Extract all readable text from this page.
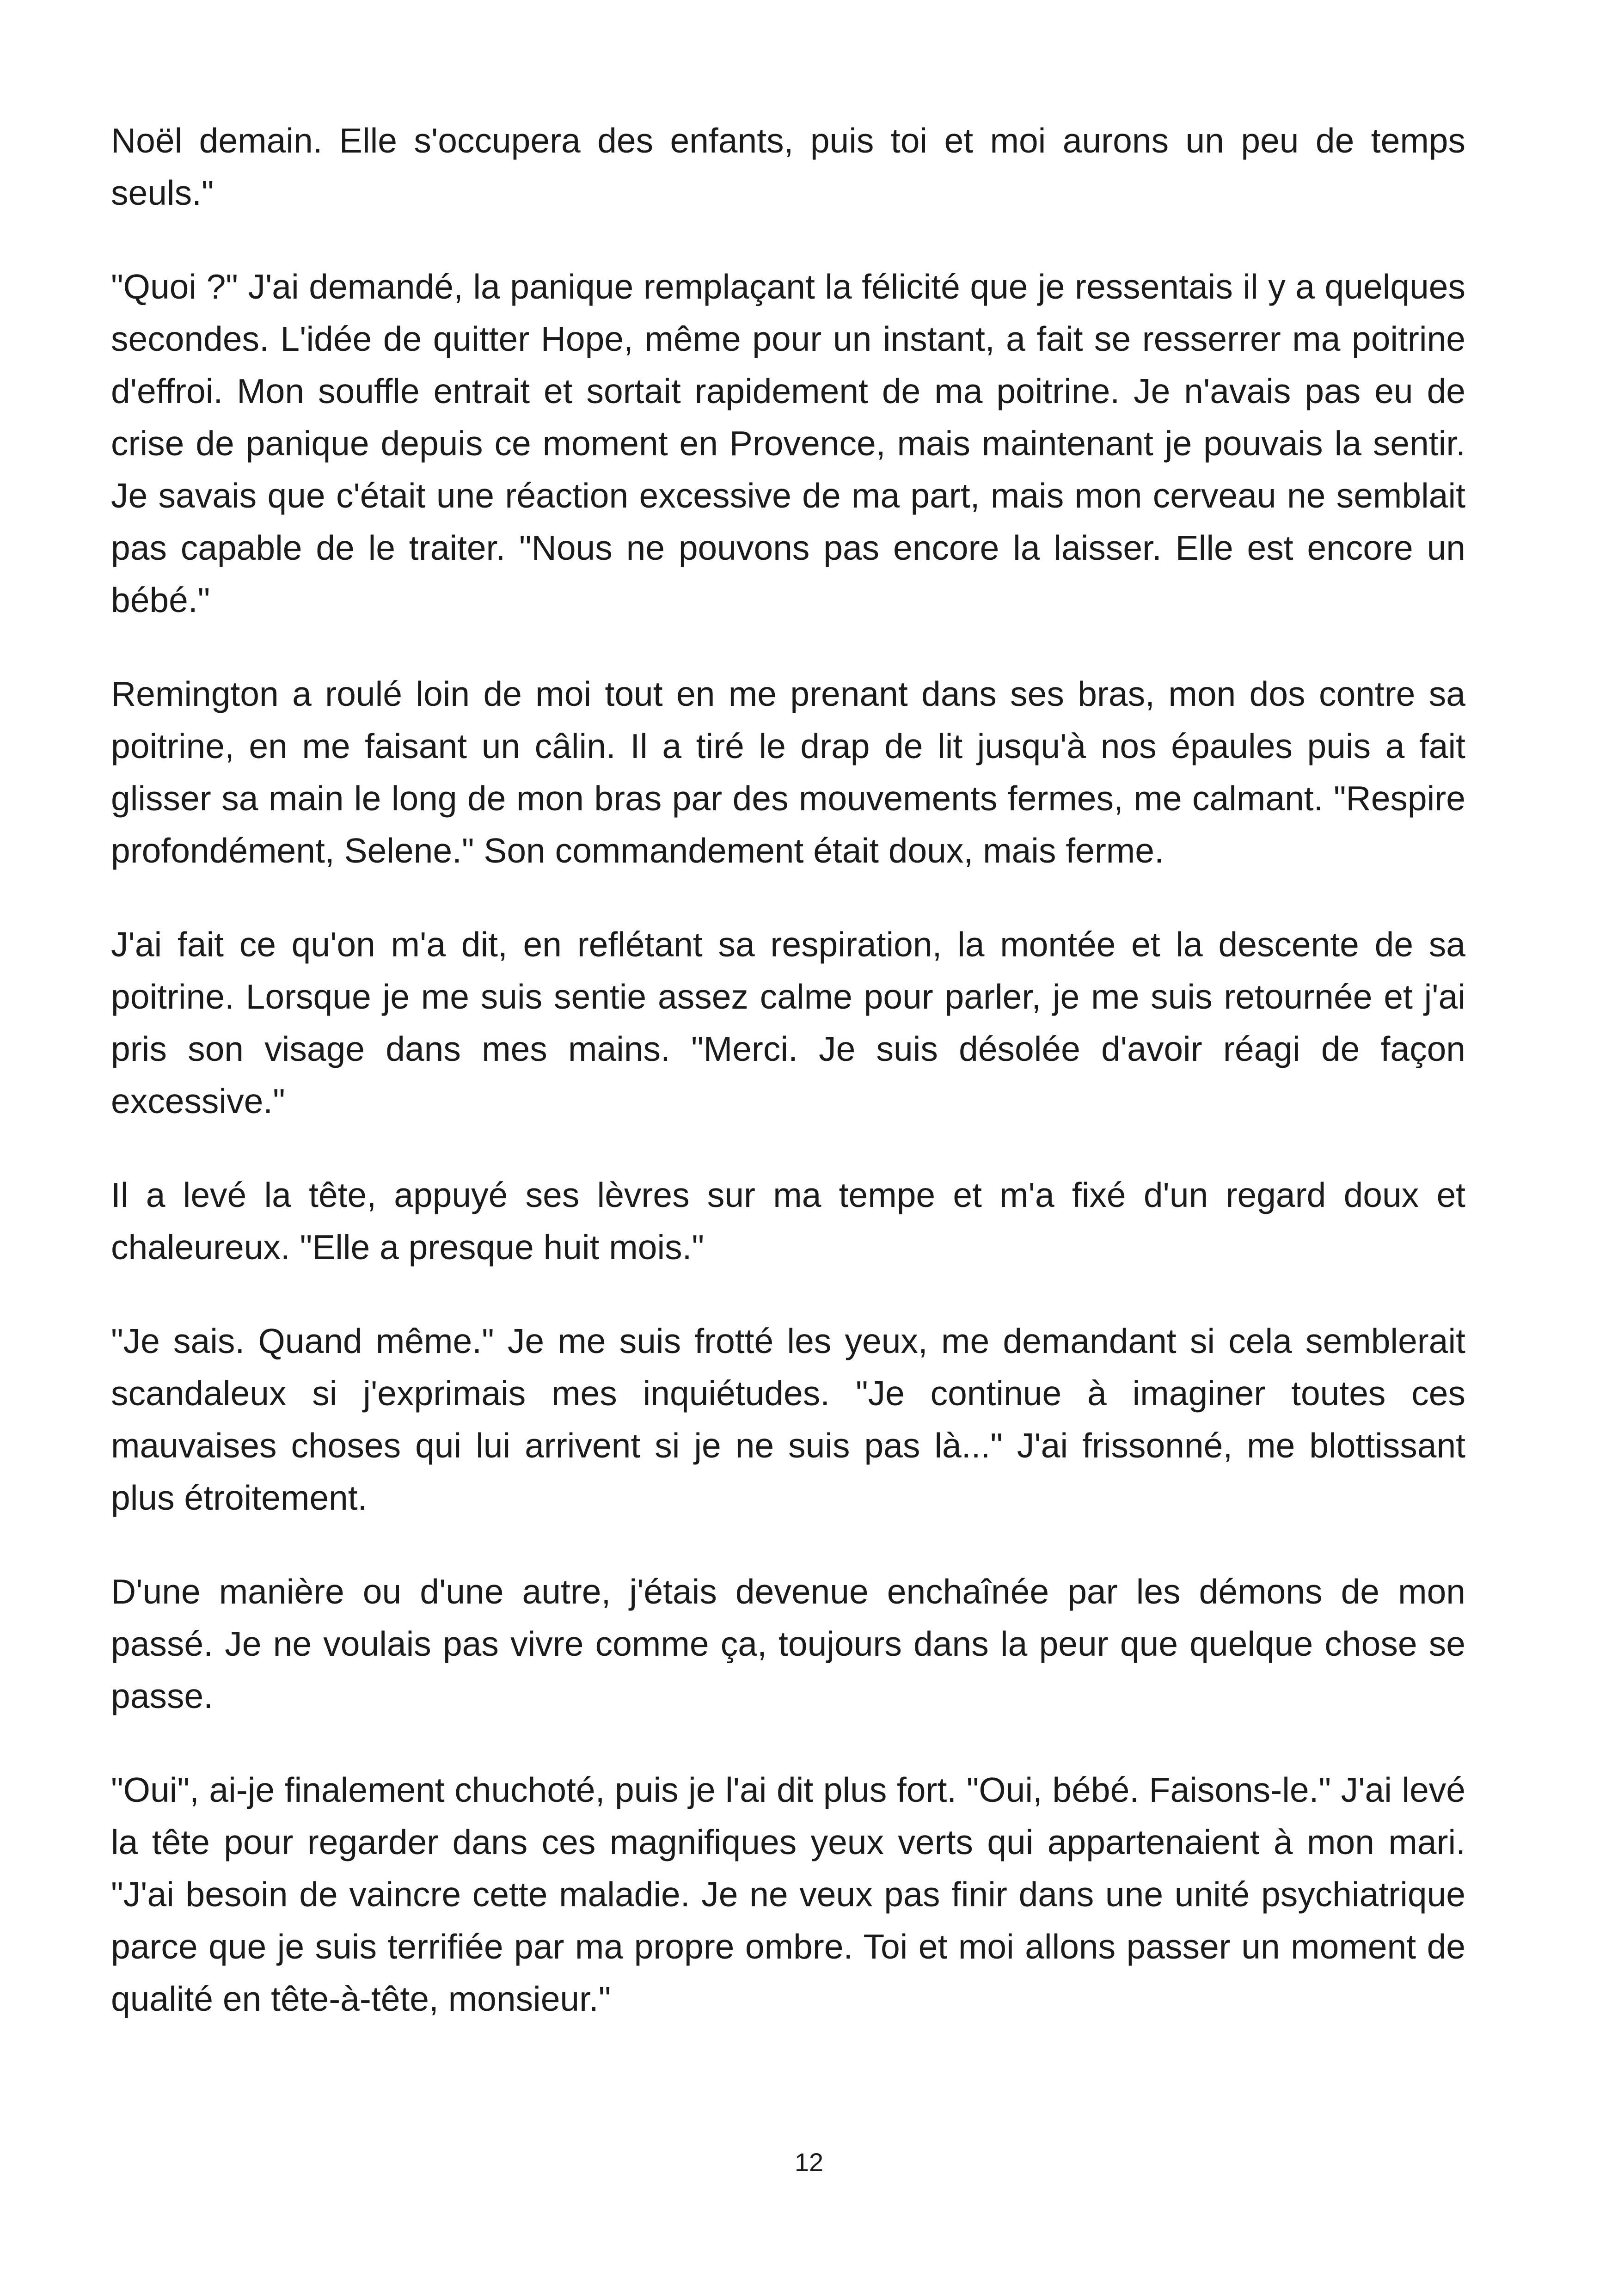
Noël demain. Elle s'occupera des enfants, puis toi et moi aurons un peu de temps seuls."

"Quoi ?" J'ai demandé, la panique remplaçant la félicité que je ressentais il y a quelques secondes. L'idée de quitter Hope, même pour un instant, a fait se resserrer ma poitrine d'effroi. Mon souffle entrait et sortait rapidement de ma poitrine. Je n'avais pas eu de crise de panique depuis ce moment en Provence, mais maintenant je pouvais la sentir. Je savais que c'était une réaction excessive de ma part, mais mon cerveau ne semblait pas capable de le traiter. "Nous ne pouvons pas encore la laisser. Elle est encore un bébé."

Remington a roulé loin de moi tout en me prenant dans ses bras, mon dos contre sa poitrine, en me faisant un câlin. Il a tiré le drap de lit jusqu'à nos épaules puis a fait glisser sa main le long de mon bras par des mouvements fermes, me calmant. "Respire profondément, Selene." Son commandement était doux, mais ferme.

J'ai fait ce qu'on m'a dit, en reflétant sa respiration, la montée et la descente de sa poitrine. Lorsque je me suis sentie assez calme pour parler, je me suis retournée et j'ai pris son visage dans mes mains. "Merci. Je suis désolée d'avoir réagi de façon excessive."

Il a levé la tête, appuyé ses lèvres sur ma tempe et m'a fixé d'un regard doux et chaleureux. "Elle a presque huit mois."

"Je sais. Quand même." Je me suis frotté les yeux, me demandant si cela semblerait scandaleux si j'exprimais mes inquiétudes. "Je continue à imaginer toutes ces mauvaises choses qui lui arrivent si je ne suis pas là..." J'ai frissonné, me blottissant plus étroitement.

D'une manière ou d'une autre, j'étais devenue enchaînée par les démons de mon passé. Je ne voulais pas vivre comme ça, toujours dans la peur que quelque chose se passe.

"Oui", ai-je finalement chuchoté, puis je l'ai dit plus fort. "Oui, bébé. Faisons-le." J'ai levé la tête pour regarder dans ces magnifiques yeux verts qui appartenaient à mon mari. "J'ai besoin de vaincre cette maladie. Je ne veux pas finir dans une unité psychiatrique parce que je suis terrifiée par ma propre ombre. Toi et moi allons passer un moment de qualité en tête-à-tête, monsieur."

12
